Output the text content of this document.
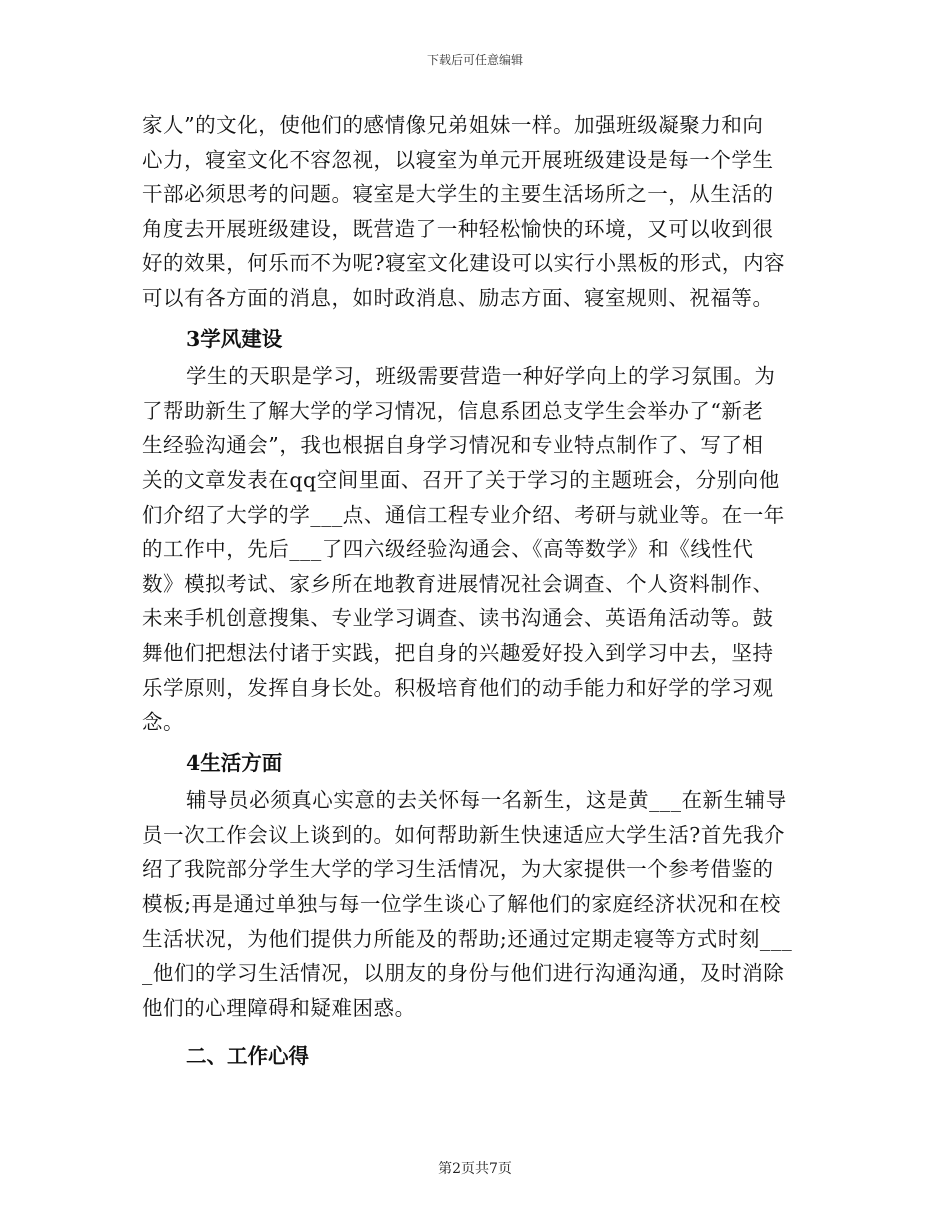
下载后可任意编辑

家人”的文化，使他们的感情像兄弟姐妹一样。加强班级凝聚力和向
心力，寝室文化不容忽视，以寝室为单元开展班级建设是每一个学生
干部必须思考的问题。寝室是大学生的主要生活场所之一，从生活的
角度去开展班级建设，既营造了一种轻松愉快的环境，又可以收到很
好的效果，何乐而不为呢?寝室文化建设可以实行小黑板的形式，内容
可以有各方面的消息，如时政消息、励志方面、寝室规则、祝福等。

3学风建设

学生的天职是学习，班级需要营造一种好学向上的学习氛围。为
了帮助新生了解大学的学习情况，信息系团总支学生会举办了“新老
生经验沟通会”，我也根据自身学习情况和专业特点制作了、写了相
关的文章发表在qq空间里面、召开了关于学习的主题班会，分别向他
们介绍了大学的学___点、通信工程专业介绍、考研与就业等。在一年
的工作中，先后___了四六级经验沟通会、《高等数学》和《线性代
数》模拟考试、家乡所在地教育进展情况社会调查、个人资料制作、
未来手机创意搜集、专业学习调查、读书沟通会、英语角活动等。鼓
舞他们把想法付诸于实践，把自身的兴趣爱好投入到学习中去，坚持
乐学原则，发挥自身长处。积极培育他们的动手能力和好学的学习观
念。

4生活方面

辅导员必须真心实意的去关怀每一名新生，这是黄___在新生辅导
员一次工作会议上谈到的。如何帮助新生快速适应大学生活?首先我介
绍了我院部分学生大学的学习生活情况，为大家提供一个参考借鉴的
模板;再是通过单独与每一位学生谈心了解他们的家庭经济状况和在校
生活状况，为他们提供力所能及的帮助;还通过定期走寝等方式时刻___
_他们的学习生活情况，以朋友的身份与他们进行沟通沟通，及时消除
他们的心理障碍和疑难困惑。

二、工作心得
第2页共7页
